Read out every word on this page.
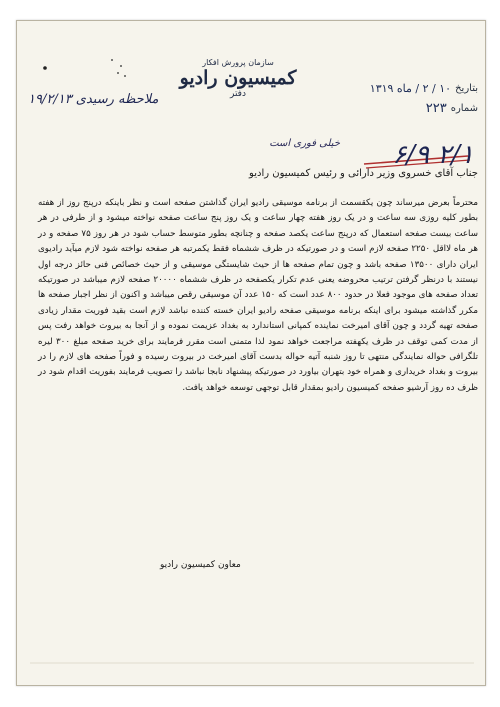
سازمان پرورش افکار
کمیسیون رادیو
دفتر
بتاریخ
۱۰ / ۲ / ماه ۱۳۱۹
شماره
۲۲۳
ملاحظه رسیدی ۱۹/۲/۱۳
خیلی فوری است ۶/۹ ۲/۱
جناب آقای خسروی وزیر دارائی و رئیس کمیسیون رادیو
محترماً بعرض میرساند چون یکقسمت از برنامه موسیقی رادیو ایران گذاشتن صفحه است و نظر باینکه درپنج روز از هفته بطور کلیه روزی سه ساعت و در یک روز هفته چهار ساعت و یک روز پنج ساعت صفحه نواخته میشود و از طرفی در هر ساعت بیست صفحه استعمال که درپنج ساعت یکصد صفحه و چنانچه بطور متوسط حساب شود در هر روز ۷۵ صفحه و در هر ماه لااقل ۲۲۵۰ صفحه لازم است و در صورتیکه در ظرف ششماه فقط یکمرتبه هر صفحه نواخته شود لازم میآید رادیوی ایران دارای ۱۳۵۰۰ صفحه باشد و چون تمام صفحه ها از حیث شایستگی موسیقی و از حیث خصائص فنی حائز درجه اول نیستند با درنظر گرفتن ترتیب محروضه یعنی عدم تکرار یکصفحه در ظرف ششماه ۲۰۰۰۰ صفحه لازم میباشد در صورتیکه تعداد صفحه های موجود فعلا در حدود ۸۰۰ عدد است که ۱۵۰ عدد آن موسیقی رقص میباشد و اکنون از نظر اجبار صفحه ها مکرر گذاشته میشود برای اینکه برنامه موسیقی صفحه رادیو ایران خسته کننده نباشد لازم است بقید فوریت مقدار زیادی صفحه تهیه گردد و چون آقای امیرخت نماینده کمپانی استاندارد به بغداد عزیمت نموده و از آنجا به بیروت خواهد رفت پس از مدت کمی توقف در ظرف یکهفته مراجعت خواهد نمود لذا متمنی است مقرر فرمایند برای خرید صفحه مبلغ ۳۰۰ لیره تلگرافی حواله نمایندگی منتهی تا روز شنبه آتیه حواله بدست آقای امیرخت در بیروت رسیده و فوراً صفحه های لازم را در بیروت و بغداد خریداری و همراه خود بتهران بیاورد در صورتیکه پیشنهاد نابجا نباشد را تصویب فرمایند بفوریت اقدام شود در ظرف ده روز آرشیو صفحه کمیسیون رادیو بمقدار قابل توجهی توسعه خواهد یافت.
معاون کمیسیون رادیو
